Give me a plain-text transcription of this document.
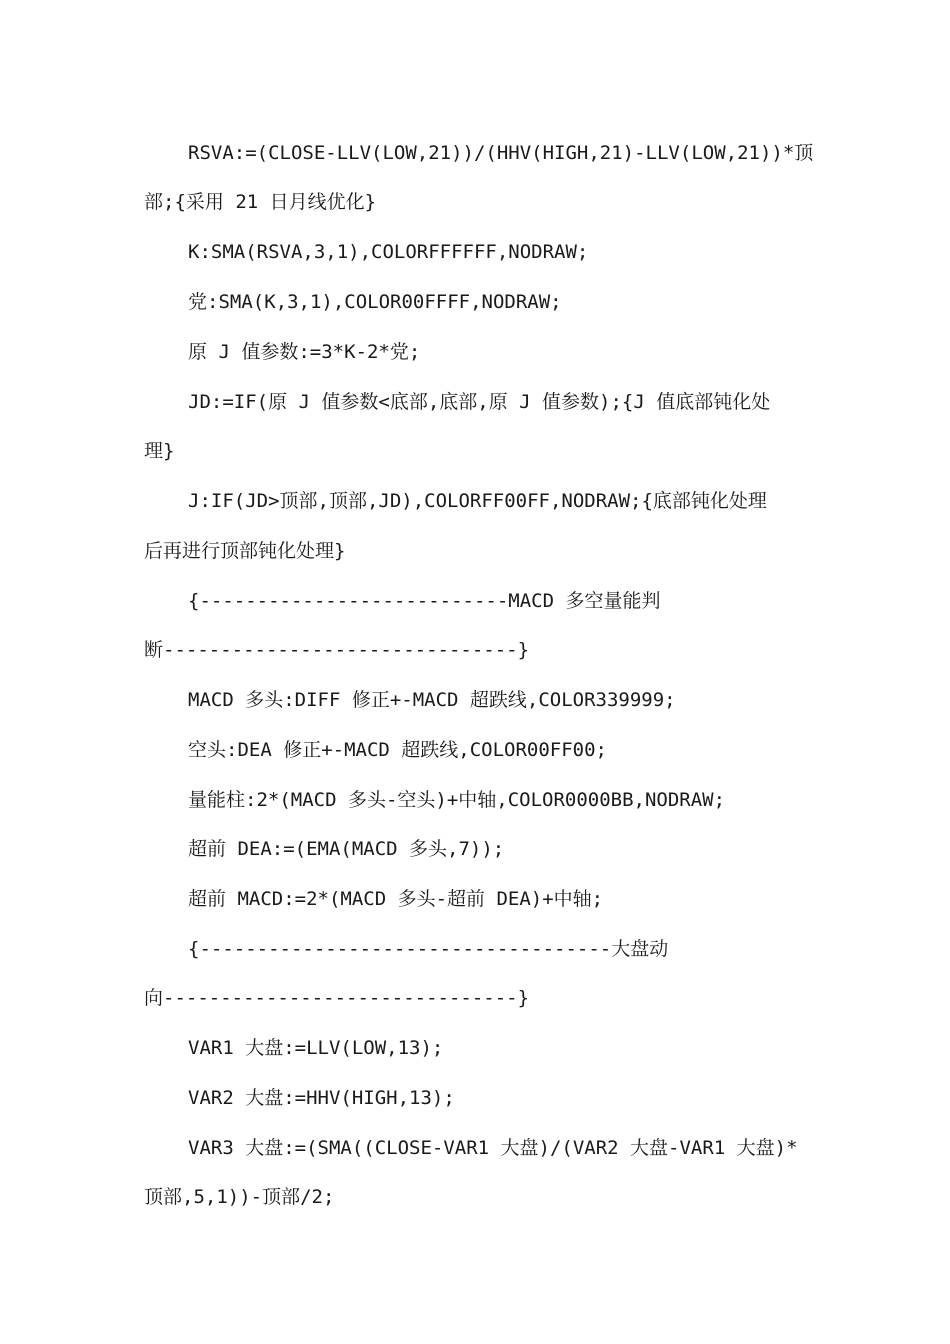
RSVA:=(CLOSE-LLV(LOW,21))/(HHV(HIGH,21)-LLV(LOW,21))*顶
部;{采用 21 日月线优化}
K:SMA(RSVA,3,1),COLORFFFFFF,NODRAW;
党:SMA(K,3,1),COLOR00FFFF,NODRAW;
原 J 值参数:=3*K-2*党;
JD:=IF(原 J 值参数<底部,底部,原 J 值参数);{J 值底部钝化处
理}
J:IF(JD>顶部,顶部,JD),COLORFF00FF,NODRAW;{底部钝化处理
后再进行顶部钝化处理}
{---------------------------MACD 多空量能判
断-------------------------------}
MACD 多头:DIFF 修正+-MACD 超跌线,COLOR339999;
空头:DEA 修正+-MACD 超跌线,COLOR00FF00;
量能柱:2*(MACD 多头-空头)+中轴,COLOR0000BB,NODRAW;
超前 DEA:=(EMA(MACD 多头,7));
超前 MACD:=2*(MACD 多头-超前 DEA)+中轴;
{------------------------------------大盘动
向-------------------------------}
VAR1 大盘:=LLV(LOW,13);
VAR2 大盘:=HHV(HIGH,13);
VAR3 大盘:=(SMA((CLOSE-VAR1 大盘)/(VAR2 大盘-VAR1 大盘)*
顶部,5,1))-顶部/2;
